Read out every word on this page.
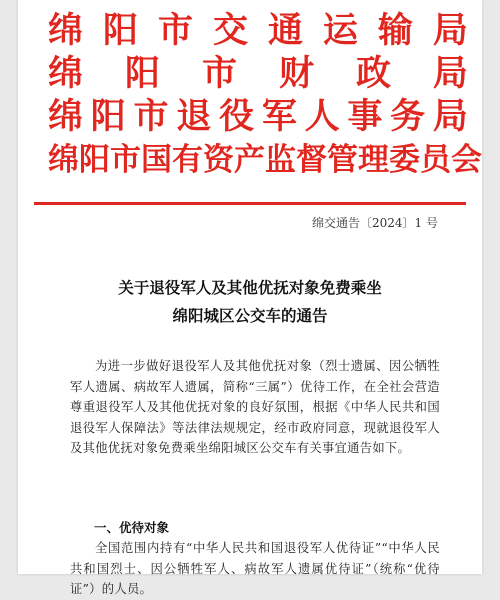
绵 阳 市 交 通 运 输 局
绵 阳 市 财 政 局
绵 阳 市 退 役 军 人 事 务 局
绵 阳 市 国 有 资 产 监 督 管 理 委 员 会
绵交通告〔2024〕1 号
关于退役军人及其他优抚对象免费乘坐
绵阳城区公交车的通告

为进一步做好退役军人及其他优抚对象（烈士遗属、因公牺牲军人遗属、病故军人遗属，简称“三属”）优待工作，在全社会营造尊重退役军人及其他优抚对象的良好氛围，根据《中华人民共和国退役军人保障法》等法律法规规定，经市政府同意，现就退役军人及其他优抚对象免费乘坐绵阳城区公交车有关事宜通告如下。

一、优待对象

全国范围内持有“中华人民共和国退役军人优待证”“中华人民共和国烈士、因公牺牲军人、病故军人遗属优待证”（统称“优待证”）的人员。
